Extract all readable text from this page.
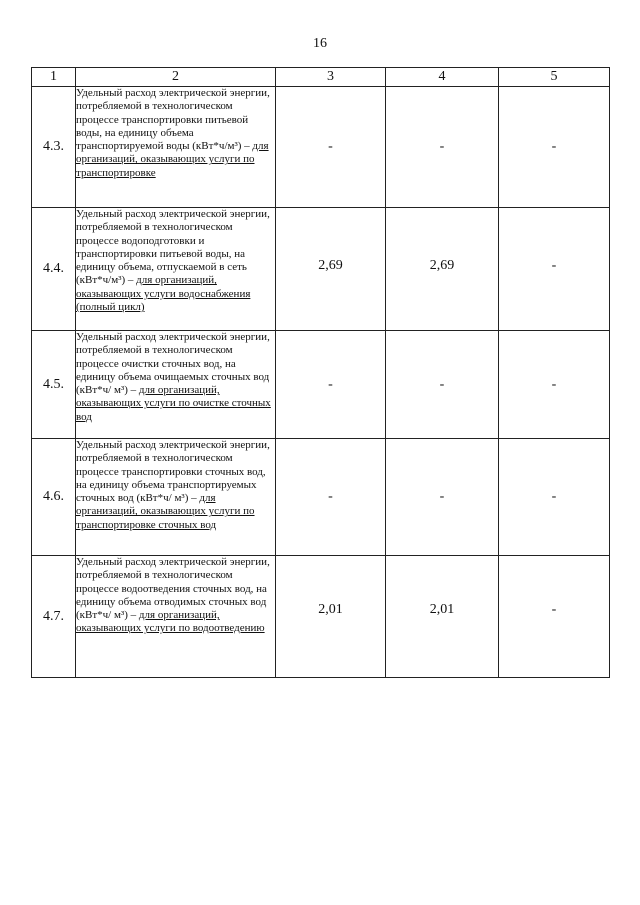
16
1	2	3	4	5
4.3.	Удельный расход электрической энергии, потребляемой в технологическом процессе транспортировки питьевой воды, на единицу объема транспортируемой воды (кВт*ч/м³) – для организаций, оказывающих услуги по транспортировке	-	-	-
4.4.	Удельный расход электрической энергии, потребляемой в технологическом процессе водоподготовки и транспортировки питьевой воды, на единицу объема, отпускаемой в сеть (кВт*ч/м³) – для организаций, оказывающих услуги водоснабжения (полный цикл)	2,69	2,69	-

4.5.	Удельный расход электрической энергии, потребляемой в технологическом процессе очистки сточных вод, на единицу объема очищаемых сточных вод (кВт*ч/ м³) – для организаций, оказывающих услуги по очистке сточных вод	-	-	-
4.6.	Удельный расход электрической энергии, потребляемой в технологическом процессе транспортировки сточных вод, на единицу объема транспортируемых сточных вод (кВт*ч/ м³) – для организаций, оказывающих услуги по транспортировке сточных вод	-	-	-
4.7.	Удельный расход электрической энергии, потребляемой в технологическом процессе водоотведения сточных вод, на единицу объема отводимых сточных вод (кВт*ч/ м³) – для организаций, оказывающих услуги по водоотведению	2,01	2,01	-
